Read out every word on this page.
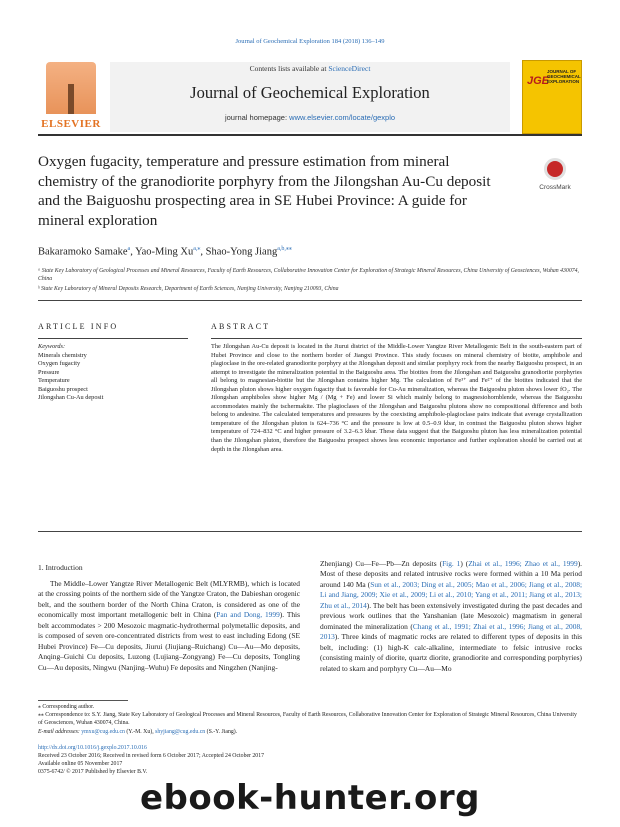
Journal of Geochemical Exploration 184 (2018) 136–149
ELSEVIER
Contents lists available at ScienceDirect
Journal of Geochemical Exploration
journal homepage: www.elsevier.com/locate/gexplo
JGE
JOURNAL OF GEOCHEMICAL EXPLORATION
Oxygen fugacity, temperature and pressure estimation from mineral chemistry of the granodiorite porphyry from the Jilongshan Au-Cu deposit and the Baiguoshu prospecting area in SE Hubei Province: A guide for mineral exploration
CrossMark
Bakaramoko Samake$^a$, Yao-Ming $Xu^{a,⁎}$, Shao-Yong Jiang$^{a,b,⁎⁎}$
ᵃ State Key Laboratory of Geological Processes and Mineral Resources, Faculty of Earth Resources, Collaborative Innovation Center for Exploration of Strategic Mineral Resources, China University of Geosciences, Wuhan 430074, China
ᵇ State Key Laboratory of Mineral Deposits Research, Department of Earth Sciences, Nanjing University, Nanjing 210093, China
ARTICLE INFO	ABSTRACT
Keywords:
Minerals chemistry
Oxygen fugacity
Pressure
Temperature
Baiguoshu prospect
Jilongshan Cu-Au deposit
The Jilongshan Au-Cu deposit is located in the Jiurui district of the Middle-Lower Yangtze River Metallogenic Belt in the south-eastern part of Hubei Province and close to the northern border of Jiangxi Province. This study focuses on mineral chemistry of biotite, amphibole and plagioclase in the ore-related granodiorite porphyry at the Jilongshan deposit and similar porphyry rock from the nearby Baiguoshu prospect, in an attempt to investigate the mineralization potential in the Baiguoshu area. The biotites from the Jilongshan and Baiguoshu granodiorite porphyries all belong to magnesian-biotite but the Jilongshan contains higher Mg. The calculation of Fe³⁺ and Fe²⁺ of the biotites indicated that the Jilongshan pluton shows higher oxygen fugacity that is favorable for Cu-Au mineralization, whereas the Baiguoshu pluton shows lower fO₂. The Jilongshan amphiboles show higher Mg / (Mg + Fe) and lower Si which mainly belong to magnesiohornblende, whereas the Baiguoshu accommodates mainly the tschermakite. The plagioclases of the Jilongshan and Baiguoshu plutons show no compositional difference and both belong to andesine. The calculated temperatures and pressures by the coexisting amphibole-plagioclase pairs indicate that average crystallization temperature of the Jilongshan pluton is 624–736 °C and the pressure is low at 0.5–0.9 kbar, in contrast the Baiguoshu pluton shows higher temperature of 724–832 °C and higher pressure of 3.2–6.3 kbar. These data suggest that the Baiguoshu pluton has less mineralization potential than the Jilongshan pluton, therefore the Baiguoshu prospect shows less economic importance and further exploration should be carried out at depth in the Jilongshan area.
1. Introduction
The Middle–Lower Yangtze River Metallogenic Belt (MLYRMB), which is located at the crossing points of the northern side of the Yangtze Craton, the Dabieshan orogenic belt, and the southern border of the North China Craton, is considered as one of the economically most important metallogenic belt in China (Pan and Dong, 1999). This belt accommodates > 200 Mesozoic magmatic-hydrothermal polymetallic deposits, and is composed of seven ore-concentrated districts from west to east including Edong (SE Hubei Province) Fe—Cu deposits, Jiurui (Jiujiang–Ruichang) Cu—Au—Mo deposits, Anqing–Guichi Cu deposits, Luzong (Lujiang–Zongyang) Fe—Cu deposits, Tongling Cu—Au deposits, Ningwu (Nanjing–Wuhu) Fe deposits and Ningzhen (Nanjing-
Zhenjiang) Cu—Fe—Pb—Zn deposits (Fig. 1) (Zhai et al., 1996; Zhao et al., 1999). Most of these deposits and related intrusive rocks were formed within a 10 Ma period around 140 Ma (Sun et al., 2003; Ding et al., 2005; Mao et al., 2006; Jiang et al., 2008; Li and Jiang, 2009; Xie et al., 2009; Li et al., 2010; Yang et al., 2011; Jiang et al., 2013; Zhu et al., 2014). The belt has been extensively investigated during the past decades and previous work outlines that the Yanshanian (late Mesozoic) magmatism in general dominated the mineralization (Chang et al., 1991; Zhai et al., 1996; Jiang et al., 2008, 2013). Three kinds of magmatic rocks are related to different types of deposits in this belt, including: (1) high-K calc-alkaline, intermediate to felsic intrusive rocks (consisting mainly of diorite, quartz diorite, granodiorite and corresponding porphyries) related to skarn and porphyry Cu—Au—Mo
⁎ Corresponding author.
⁎⁎ Correspondence to: S.Y. Jiang, State Key Laboratory of Geological Processes and Mineral Resources, Faculty of Earth Resources, Collaborative Innovation Center for Exploration of Strategic Mineral Resources, China University of Geosciences, Wuhan 430074, China.
E-mail addresses: ymxu@cug.edu.cn (Y.-M. Xu), shyjiang@cug.edu.cn (S.-Y. Jiang).
http://dx.doi.org/10.1016/j.gexplo.2017.10.016
Received 23 October 2016; Received in revised form 6 October 2017; Accepted 24 October 2017
Available online 05 November 2017
0375-6742/ © 2017 Published by Elsevier B.V.
ebook-hunter.org
